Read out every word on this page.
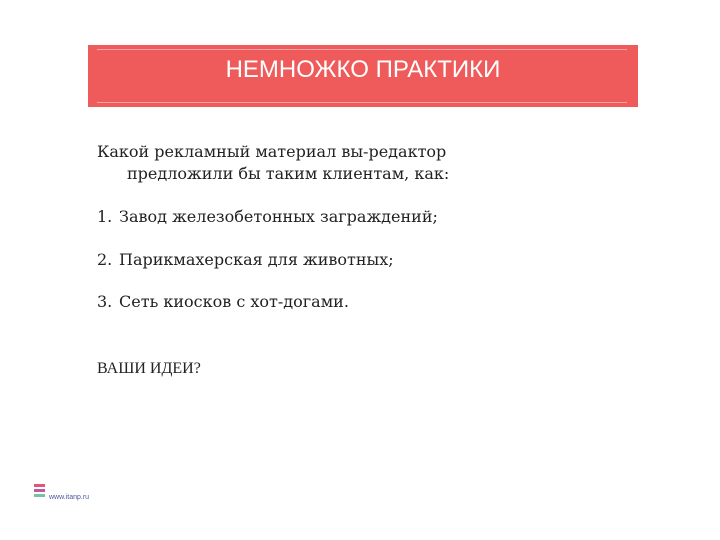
НЕМНОЖКО ПРАКТИКИ

Какой рекламный материал вы-редактор
предложили бы таким клиентам, как:

1. Завод железобетонных заграждений;
2. Парикмахерская для животных;
3. Сеть киосков с хот-догами.
ВАШИ ИДЕИ?
www.itanp.ru
